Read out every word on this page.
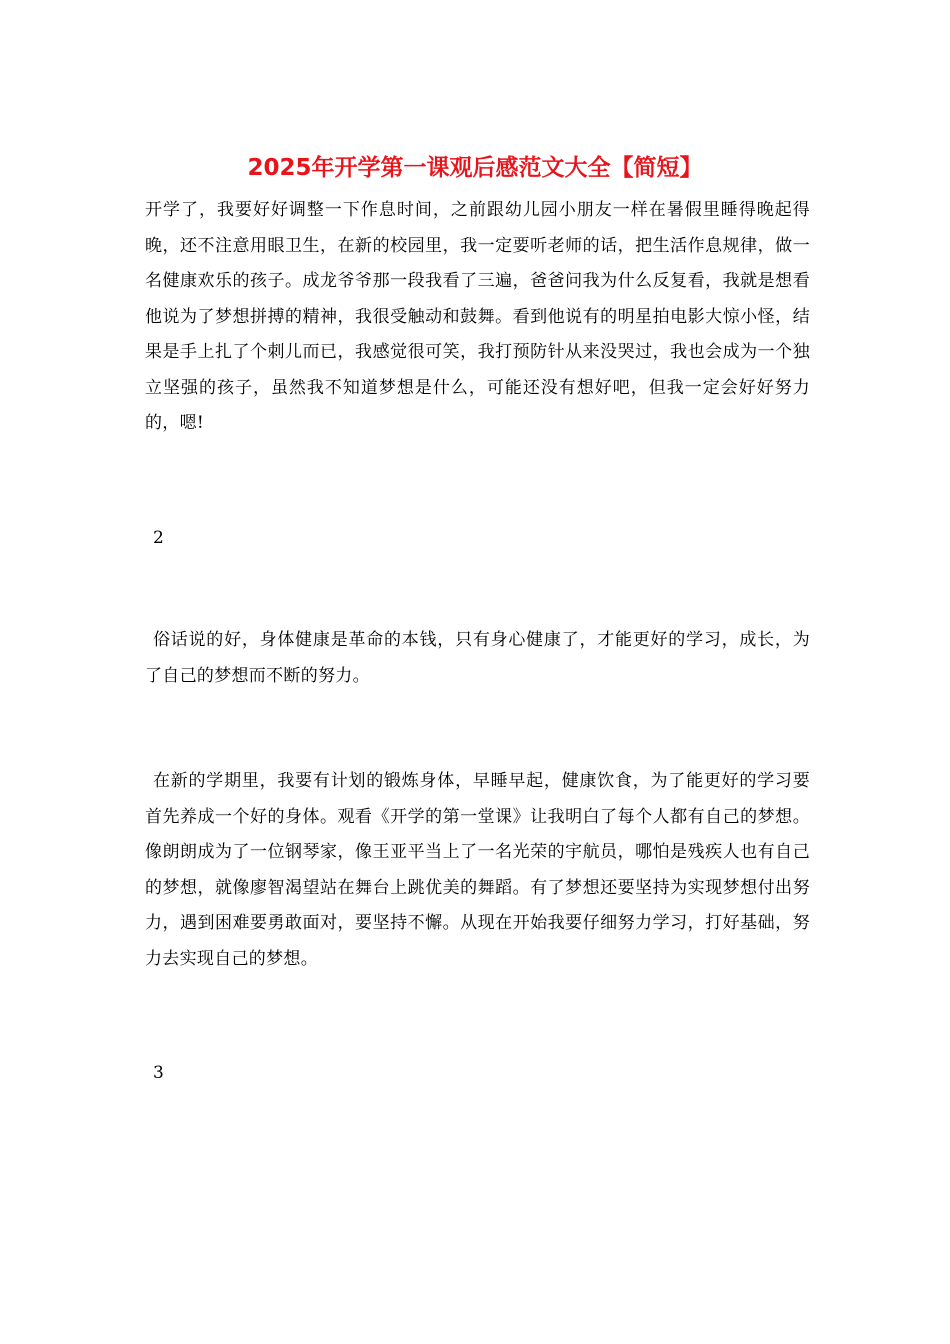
2025年开学第一课观后感范文大全【简短】

开学了，我要好好调整一下作息时间，之前跟幼儿园小朋友一样在暑假里睡得晚起得晚，还不注意用眼卫生，在新的校园里，我一定要听老师的话，把生活作息规律，做一名健康欢乐的孩子。成龙爷爷那一段我看了三遍，爸爸问我为什么反复看，我就是想看他说为了梦想拼搏的精神，我很受触动和鼓舞。看到他说有的明星拍电影大惊小怪，结果是手上扎了个刺儿而已，我感觉很可笑，我打预防针从来没哭过，我也会成为一个独立坚强的孩子，虽然我不知道梦想是什么，可能还没有想好吧，但我一定会好好努力的，嗯!

2

俗话说的好，身体健康是革命的本钱，只有身心健康了，才能更好的学习，成长，为了自己的梦想而不断的努力。

在新的学期里，我要有计划的锻炼身体，早睡早起，健康饮食，为了能更好的学习要首先养成一个好的身体。观看《开学的第一堂课》让我明白了每个人都有自己的梦想。像朗朗成为了一位钢琴家，像王亚平当上了一名光荣的宇航员，哪怕是残疾人也有自己的梦想，就像廖智渴望站在舞台上跳优美的舞蹈。有了梦想还要坚持为实现梦想付出努力，遇到困难要勇敢面对，要坚持不懈。从现在开始我要仔细努力学习，打好基础，努力去实现自己的梦想。

3
